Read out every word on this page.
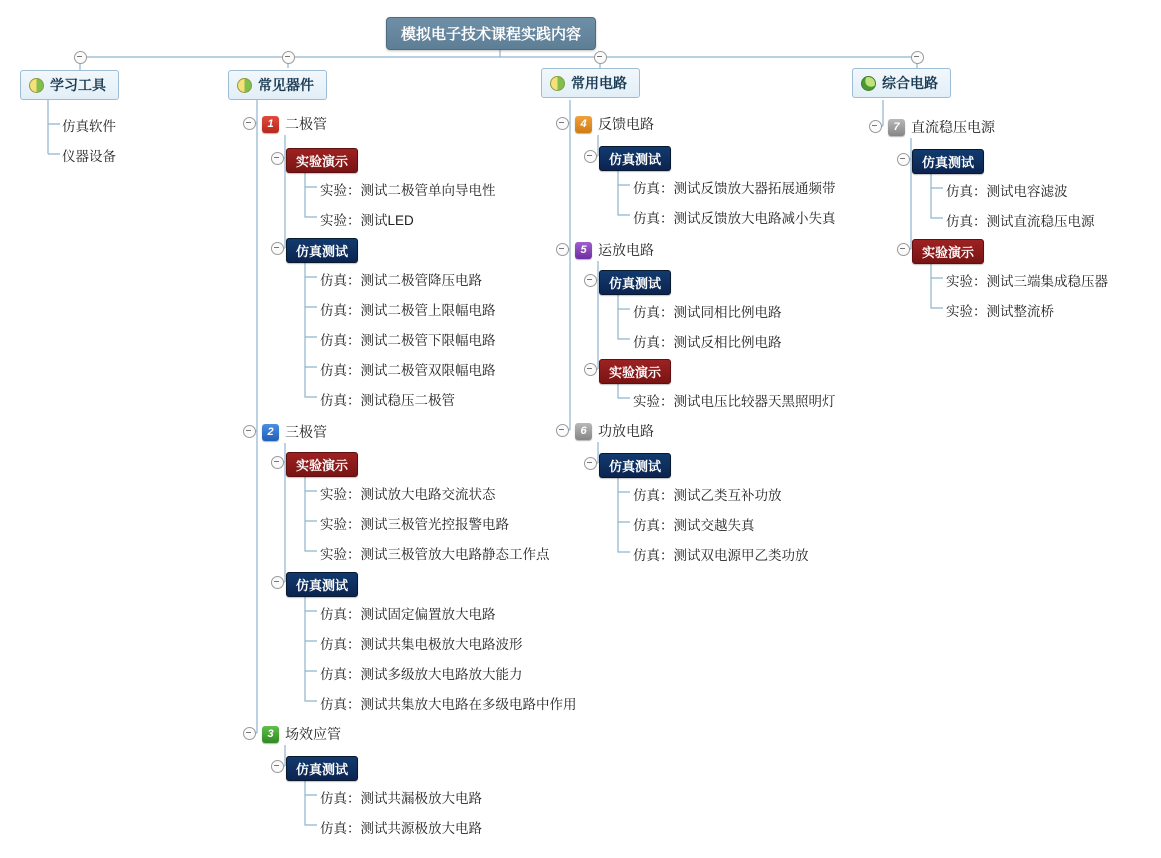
模拟电子技术课程实践内容
学习工具	常见器件	常用电路	综合电路
仿真软件
仪器设备
1 二极管
实验演示
实验：测试二极管单向导电性
实验：测试LED
仿真测试
仿真：测试二极管降压电路
仿真：测试二极管上限幅电路
仿真：测试二极管下限幅电路
仿真：测试二极管双限幅电路
仿真：测试稳压二极管
2 三极管
实验演示
实验：测试放大电路交流状态
实验：测试三极管光控报警电路
实验：测试三极管放大电路静态工作点
仿真测试
仿真：测试固定偏置放大电路
仿真：测试共集电极放大电路波形
仿真：测试多级放大电路放大能力
仿真：测试共集放大电路在多级电路中作用
3 场效应管
仿真测试
仿真：测试共漏极放大电路
仿真：测试共源极放大电路
4 反馈电路
仿真测试
仿真：测试反馈放大器拓展通频带
仿真：测试反馈放大电路减小失真
5 运放电路
仿真测试
仿真：测试同相比例电路
仿真：测试反相比例电路
实验演示
实验：测试电压比较器天黑照明灯
6 功放电路
仿真测试
仿真：测试乙类互补功放
仿真：测试交越失真
仿真：测试双电源甲乙类功放
7 直流稳压电源
仿真测试
仿真：测试电容滤波
仿真：测试直流稳压电源
实验演示
实验：测试三端集成稳压器
实验：测试整流桥
